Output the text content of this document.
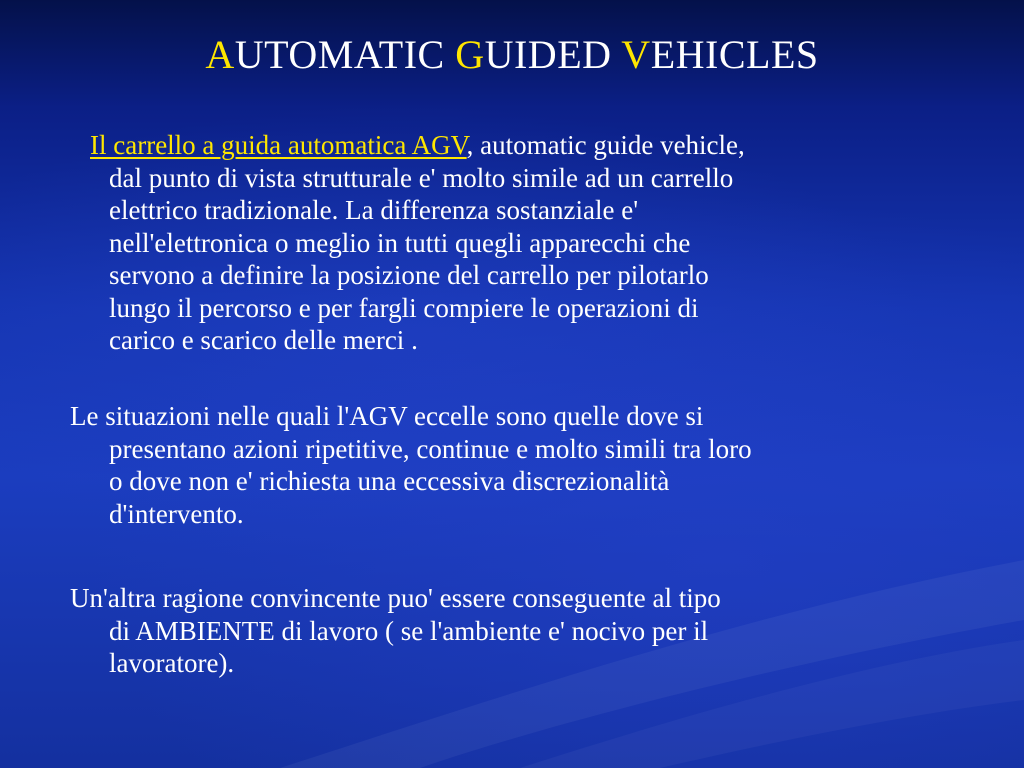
AUTOMATIC GUIDED VEHICLES

Il carrello a guida automatica AGV, automatic guide vehicle,
dal punto di vista strutturale e' molto simile ad un carrello
elettrico tradizionale. La differenza sostanziale e'
nell'elettronica o meglio in tutti quegli apparecchi che
servono a definire la posizione del carrello per pilotarlo
lungo il percorso e per fargli compiere le operazioni di
carico e scarico delle merci .

Le situazioni nelle quali l'AGV eccelle sono quelle dove si
presentano azioni ripetitive, continue e molto simili tra loro
o dove non e' richiesta una eccessiva discrezionalità
d'intervento.

Un'altra ragione convincente puo' essere conseguente al tipo
di AMBIENTE di lavoro ( se l'ambiente e' nocivo per il
lavoratore).
